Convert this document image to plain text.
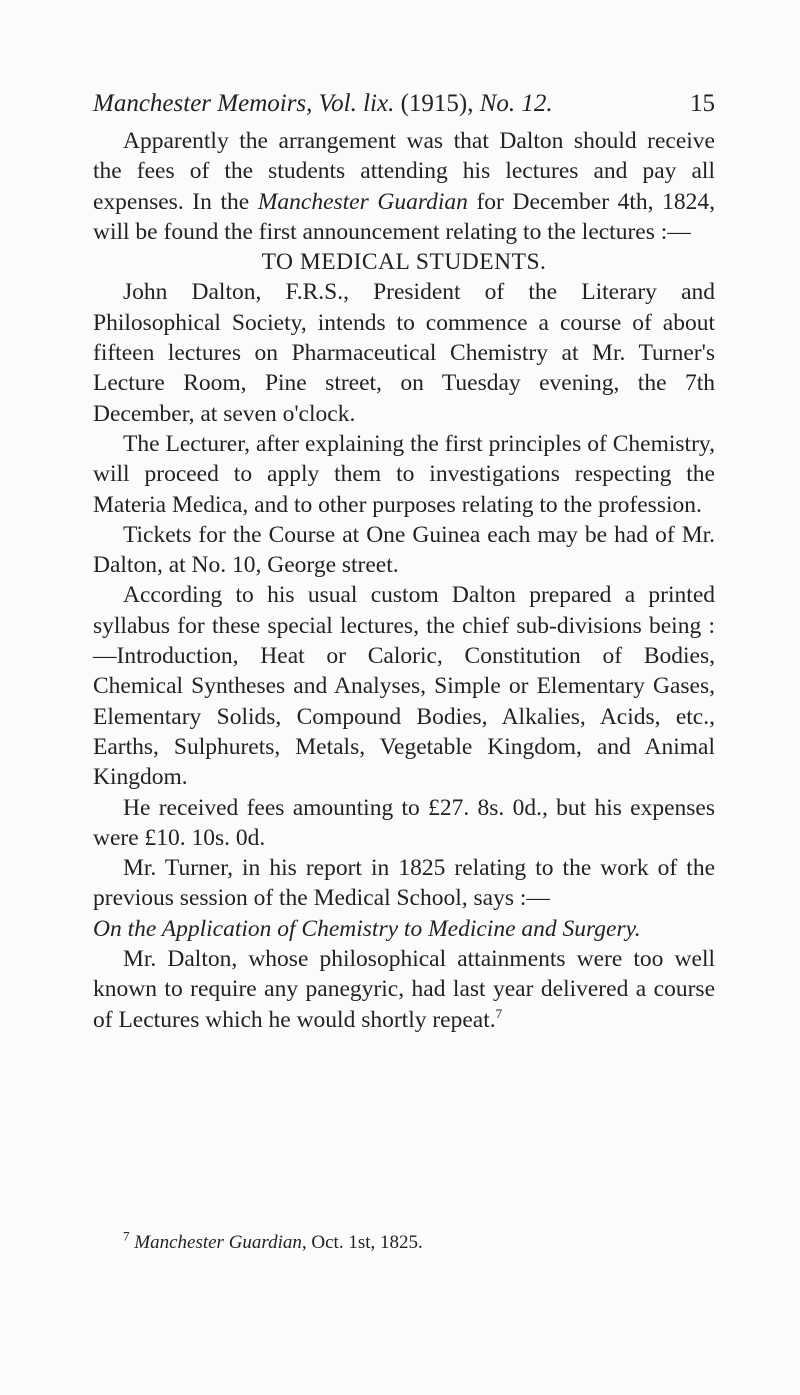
Manchester Memoirs, Vol. lix. (1915), No. 12.	15

Apparently the arrangement was that Dalton should receive the fees of the students attending his lectures and pay all expenses. In the Manchester Guardian for December 4th, 1824, will be found the first announcement relating to the lectures :—

TO MEDICAL STUDENTS.

John Dalton, F.R.S., President of the Literary and Philosophical Society, intends to commence a course of about fifteen lectures on Pharmaceutical Chemistry at Mr. Turner's Lecture Room, Pine street, on Tuesday evening, the 7th December, at seven o'clock.

The Lecturer, after explaining the first principles of Chemistry, will proceed to apply them to investigations respecting the Materia Medica, and to other purposes relating to the profession.

Tickets for the Course at One Guinea each may be had of Mr. Dalton, at No. 10, George street.

According to his usual custom Dalton prepared a printed syllabus for these special lectures, the chief sub-divisions being :—Introduction, Heat or Caloric, Constitution of Bodies, Chemical Syntheses and Analyses, Simple or Elementary Gases, Elementary Solids, Compound Bodies, Alkalies, Acids, etc., Earths, Sulphurets, Metals, Vegetable Kingdom, and Animal Kingdom.

He received fees amounting to £27. 8s. 0d., but his expenses were £10. 10s. 0d.

Mr. Turner, in his report in 1825 relating to the work of the previous session of the Medical School, says :—

On the Application of Chemistry to Medicine and Surgery.

Mr. Dalton, whose philosophical attainments were too well known to require any panegyric, had last year delivered a course of Lectures which he would shortly repeat.$^7$

$^7$ Manchester Guardian, Oct. 1st, 1825.
